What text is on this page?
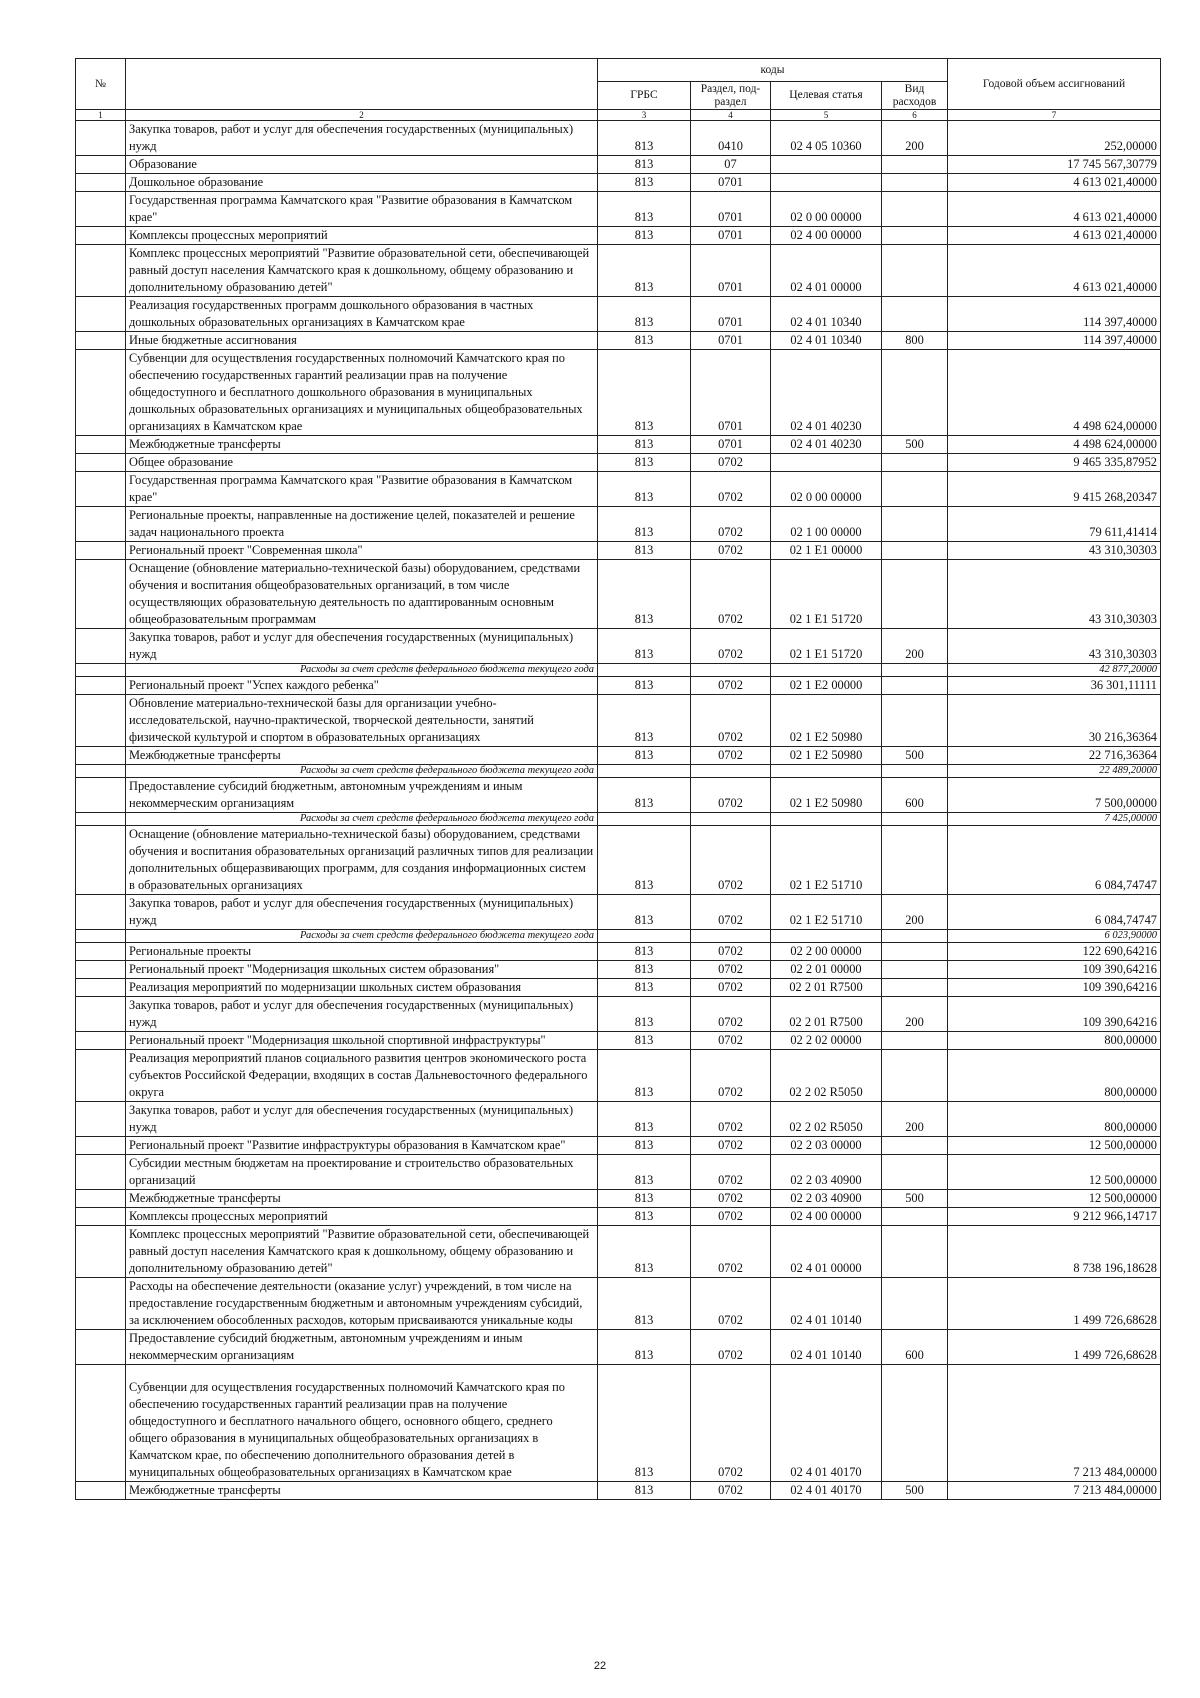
№		коды				Годовой объем ассигнований
		ГРБС	Раздел, под-раздел	Целевая статья	Вид расходов	
1	2	3	4	5	6	7
	Закупка товаров, работ и услуг для обеспечения государственных (муниципальных) нужд	813	0410	02 4 05 10360	200	252,00000
	Образование	813	07			17 745 567,30779
	Дошкольное образование	813	0701			4 613 021,40000
	Государственная программа Камчатского края "Развитие образования в Камчатском крае"	813	0701	02 0 00 00000		4 613 021,40000
	Комплексы процессных мероприятий	813	0701	02 4 00 00000		4 613 021,40000
	Комплекс процессных мероприятий "Развитие образовательной сети, обеспечивающей равный доступ населения Камчатского края к дошкольному, общему образованию и дополнительному образованию детей"	813	0701	02 4 01 00000		4 613 021,40000
	Реализация государственных программ дошкольного образования в частных дошкольных образовательных организациях в Камчатском крае	813	0701	02 4 01 10340		114 397,40000
	Иные бюджетные ассигнования	813	0701	02 4 01 10340	800	114 397,40000
	Субвенции для осуществления государственных полномочий Камчатского края по обеспечению государственных гарантий реализации прав на получение общедоступного и бесплатного дошкольного образования в муниципальных дошкольных образовательных организациях и муниципальных общеобразовательных организациях в Камчатском крае	813	0701	02 4 01 40230		4 498 624,00000
	Межбюджетные трансферты	813	0701	02 4 01 40230	500	4 498 624,00000
	Общее образование	813	0702			9 465 335,87952
	Государственная программа Камчатского края "Развитие образования в Камчатском крае"	813	0702	02 0 00 00000		9 415 268,20347
	Региональные проекты, направленные на достижение целей, показателей и решение задач национального проекта	813	0702	02 1 00 00000		79 611,41414
	Региональный проект "Современная школа"	813	0702	02 1 E1 00000		43 310,30303
	Оснащение (обновление материально-технической базы) оборудованием, средствами обучения и воспитания общеобразовательных организаций, в том числе осуществляющих образовательную деятельность по адаптированным основным общеобразовательным программам	813	0702	02 1 E1 51720		43 310,30303
	Закупка товаров, работ и услуг для обеспечения государственных (муниципальных) нужд	813	0702	02 1 E1 51720	200	43 310,30303
	Расходы за счет средств федерального бюджета текущего года					42 877,20000
	Региональный проект "Успех каждого ребенка"	813	0702	02 1 E2 00000		36 301,11111
	Обновление материально-технической базы для организации учебно-исследовательской, научно-практической, творческой деятельности, занятий физической культурой и спортом в образовательных организациях	813	0702	02 1 E2 50980		30 216,36364
	Межбюджетные трансферты	813	0702	02 1 E2 50980	500	22 716,36364
	Расходы за счет средств федерального бюджета текущего года					22 489,20000
	Предоставление субсидий бюджетным, автономным учреждениям и иным некоммерческим организациям	813	0702	02 1 E2 50980	600	7 500,00000
	Расходы за счет средств федерального бюджета текущего года					7 425,00000
	Оснащение (обновление материально-технической базы) оборудованием, средствами обучения и воспитания образовательных организаций различных типов для реализации дополнительных общеразвивающих программ, для создания информационных систем в образовательных организациях	813	0702	02 1 E2 51710		6 084,74747
	Закупка товаров, работ и услуг для обеспечения государственных (муниципальных) нужд	813	0702	02 1 E2 51710	200	6 084,74747
	Расходы за счет средств федерального бюджета текущего года					6 023,90000
	Региональные проекты	813	0702	02 2 00 00000		122 690,64216
	Региональный проект "Модернизация школьных систем образования"	813	0702	02 2 01 00000		109 390,64216
	Реализация мероприятий по модернизации школьных систем образования	813	0702	02 2 01 R7500		109 390,64216
	Закупка товаров, работ и услуг для обеспечения государственных (муниципальных) нужд	813	0702	02 2 01 R7500	200	109 390,64216
	Региональный проект "Модернизация школьной спортивной инфраструктуры"	813	0702	02 2 02 00000		800,00000
	Реализация мероприятий планов социального развития центров экономического роста субъектов Российской Федерации, входящих в состав Дальневосточного федерального округа	813	0702	02 2 02 R5050		800,00000
	Закупка товаров, работ и услуг для обеспечения государственных (муниципальных) нужд	813	0702	02 2 02 R5050	200	800,00000
	Региональный проект "Развитие инфраструктуры образования в Камчатском крае"	813	0702	02 2 03 00000		12 500,00000
	Субсидии местным бюджетам на проектирование и строительство образовательных организаций	813	0702	02 2 03 40900		12 500,00000
	Межбюджетные трансферты	813	0702	02 2 03 40900	500	12 500,00000
	Комплексы процессных мероприятий	813	0702	02 4 00 00000		9 212 966,14717
	Комплекс процессных мероприятий "Развитие образовательной сети, обеспечивающей равный доступ населения Камчатского края к дошкольному, общему образованию и дополнительному образованию детей"	813	0702	02 4 01 00000		8 738 196,18628
	Расходы на обеспечение деятельности (оказание услуг) учреждений, в том числе на предоставление государственным бюджетным и автономным учреждениям субсидий, за исключением обособленных расходов, которым присваиваются уникальные коды	813	0702	02 4 01 10140		1 499 726,68628
	Предоставление субсидий бюджетным, автономным учреждениям и иным некоммерческим организациям	813	0702	02 4 01 10140	600	1 499 726,68628
	Субвенции для осуществления государственных полномочий Камчатского края по обеспечению государственных гарантий реализации прав на получение общедоступного и бесплатного начального общего, основного общего, среднего общего образования в муниципальных общеобразовательных организациях в Камчатском крае, по обеспечению дополнительного образования детей в муниципальных общеобразовательных организациях в Камчатском крае	813	0702	02 4 01 40170		7 213 484,00000
	Межбюджетные трансферты	813	0702	02 4 01 40170	500	7 213 484,00000
22
